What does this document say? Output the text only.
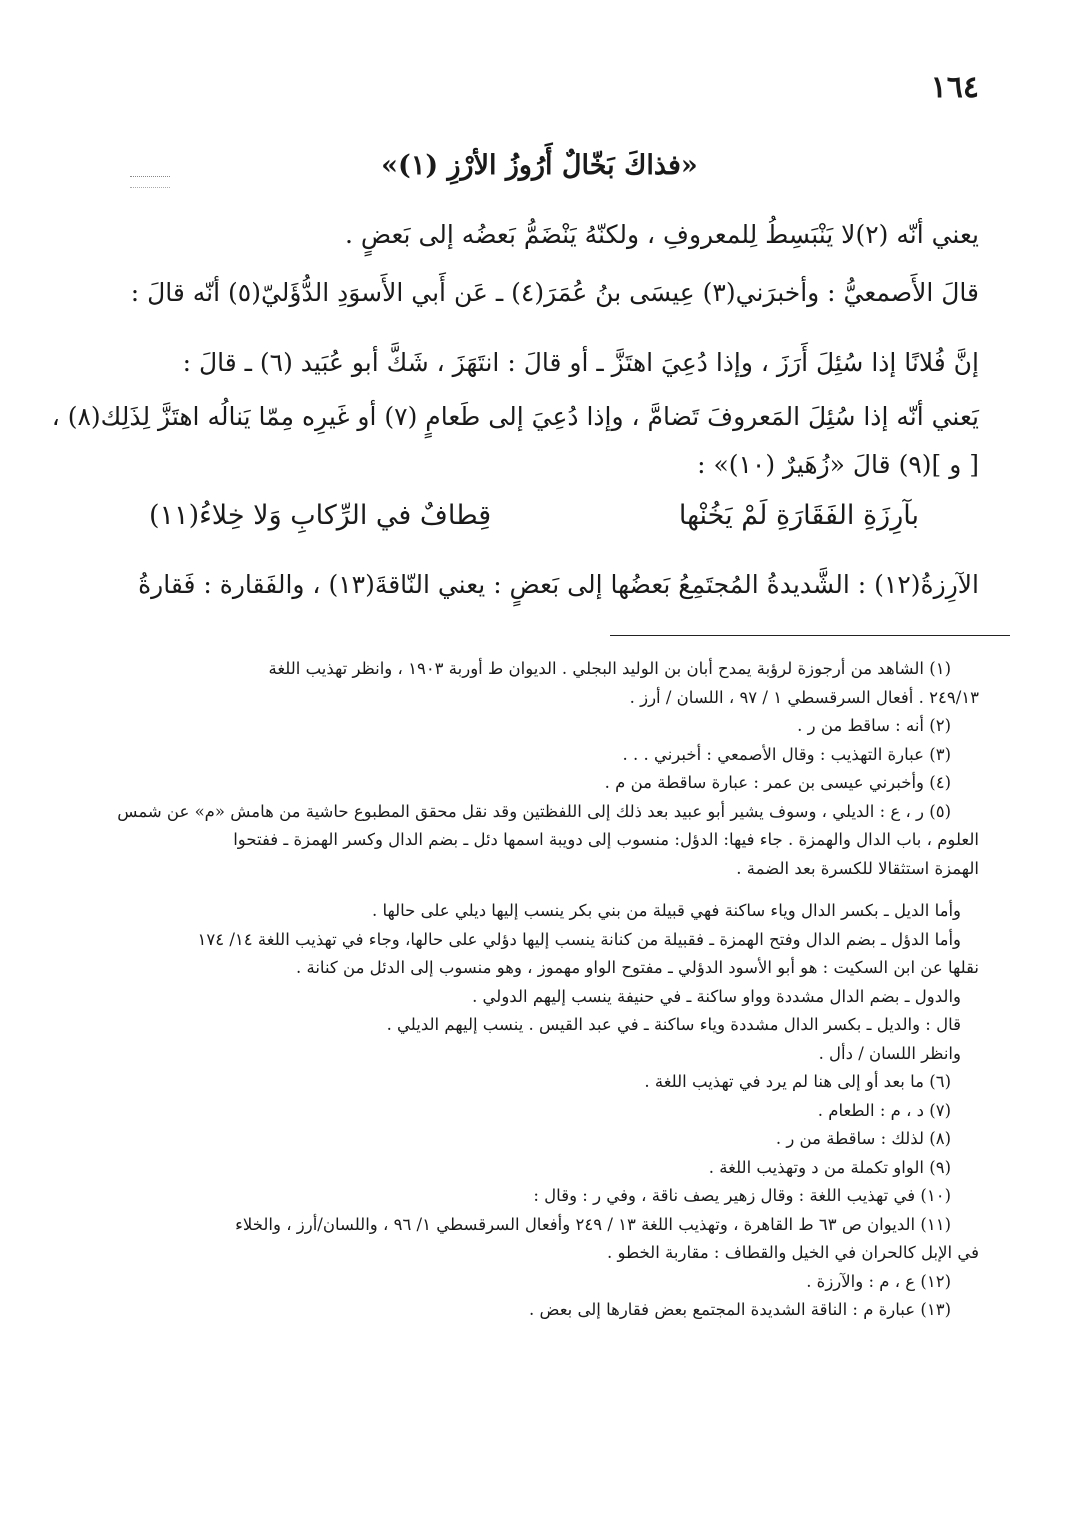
١٦٤
«فذاكَ بَخّالٌ أَرُوزُ الأرْزِ (١)»
يعني أنّه (٢)لا يَنْبَسِطُ لِلمعروفِ ، ولكنّهُ يَنْضَمُّ بَعضُه إلى بَعضٍ .
قالَ الأَصمعيُّ : وأخبرَني(٣) عِيسَى بنُ عُمَرَ(٤) ـ عَن أَبي الأَسوَدِ الدُّؤَليّ(٥) أنّه قالَ :
إنَّ فُلانًا إذا سُئِلَ أَرَزَ ، وإذا دُعِيَ اهتَزَّ ـ أو قالَ : انتَهَزَ ، شَكَّ أبو عُبَيد (٦) ـ قالَ :
يَعني أنّه إذا سُئِلَ المَعروفَ تَضامَّ ، وإذا دُعِيَ إلى طَعامٍ (٧) أو غَيرِه مِمّا يَنالُه اهتَزَّ لِذَلِك(٨) ،
[ و ](٩) قالَ «زُهَيرٌ (١٠)» :
بآرِزَةِ الفَقَارَةِ لَمْ يَخُنْها
قِطافٌ في الرِّكابِ وَلا خِلاءُ(١١)
الآرِزةُ(١٢) : الشَّديدةُ المُجتَمِعُ بَعضُها إلى بَعضٍ : يعني النّاقةَ(١٣) ، والفَقارة : فَقارةُ
(١) الشاهد من أرجوزة لرؤبة يمدح أبان بن الوليد البجلي . الديوان ط أوربة ١٩٠٣ ، وانظر تهذيب اللغة
٢٤٩/١٣ . أفعال السرقسطي ١ / ٩٧ ، اللسان / أرز .
(٢) أنه : ساقط من ر .
(٣) عبارة التهذيب : وقال الأصمعي : أخبرني . . .
(٤) وأخبرني عيسى بن عمر : عبارة ساقطة من م .
(٥) ر ، ع : الديلي ، وسوف يشير أبو عبيد بعد ذلك إلى اللفظتين وقد نقل محقق المطبوع حاشية من هامش «م» عن شمس
العلوم ، باب الدال والهمزة . جاء فيها: الدؤل: منسوب إلى دويبة اسمها دئل ـ بضم الدال وكسر الهمزة ـ ففتحوا
الهمزة استثقالا للكسرة بعد الضمة .
وأما الديل ـ بكسر الدال وياء ساكنة فهي قبيلة من بني بكر ينسب إليها ديلي على حالها .
وأما الدؤل ـ بضم الدال وفتح الهمزة ـ فقبيلة من كنانة ينسب إليها دؤلي على حالها، وجاء في تهذيب اللغة ١٤/ ١٧٤
نقلها عن ابن السكيت : هو أبو الأسود الدؤلي ـ مفتوح الواو مهموز ، وهو منسوب إلى الدئل من كنانة .
والدول ـ بضم الدال مشددة وواو ساكنة ـ في حنيفة ينسب إليهم الدولي .
قال : والديل ـ بكسر الدال مشددة وياء ساكنة ـ في عبد القيس . ينسب إليهم الديلي .
وانظر اللسان / دأل .
(٦) ما بعد أو إلى هنا لم يرد في تهذيب اللغة .
(٧) د ، م : الطعام .
(٨) لذلك : ساقطة من ر .
(٩) الواو تكملة من د وتهذيب اللغة .
(١٠) في تهذيب اللغة : وقال زهير يصف ناقة ، وفي ر : وقال :
(١١) الديوان ص ٦٣ ط القاهرة ، وتهذيب اللغة ١٣ / ٢٤٩ وأفعال السرقسطي ١/ ٩٦ ، واللسان/أرز ، والخلاء
في الإبل كالحران في الخيل والقطاف : مقاربة الخطو .
(١٢) ع ، م : والآرزة .
(١٣) عبارة م : الناقة الشديدة المجتمع بعض فقارها إلى بعض .
